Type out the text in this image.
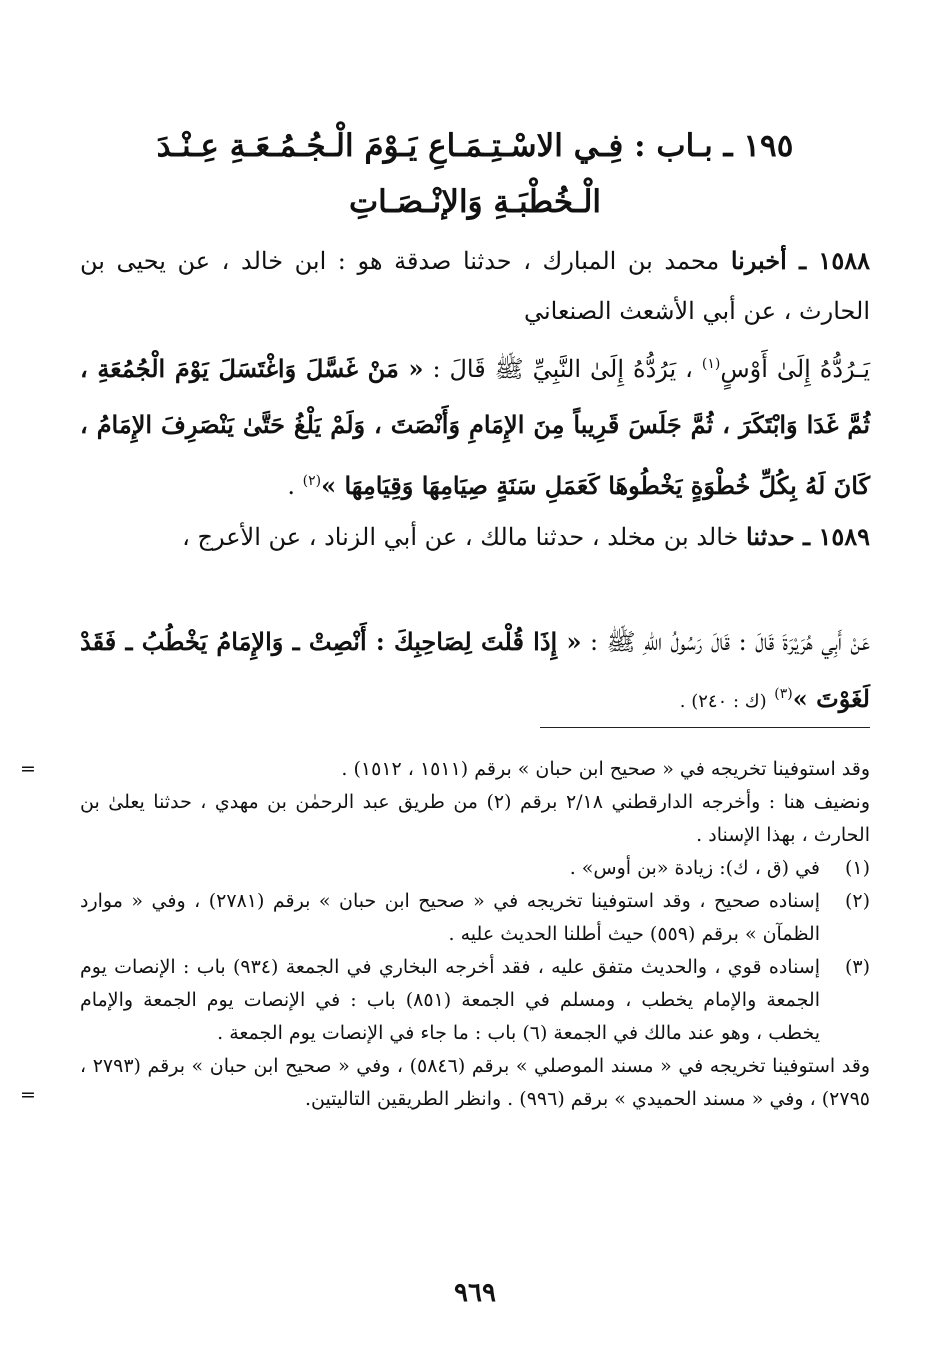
١٩٥ ـ بـاب : فِـي الاسْـتِـمَـاعِ يَـوْمَ الْـجُـمُـعَـةِ عِـنْـدَ
الْـخُطْبَـةِ وَالإنْـصَـاتِ

١٥٨٨ ـ أخبرنا محمد بن المبارك ، حدثنا صدقة هو : ابن خالد ، عن يحيى بن الحارث ، عن أبي الأشعث الصنعاني

يَـرُدُّهُ إِلَىٰ أَوْسٍ$^{(١)}$ ، يَرُدُّهُ إِلَىٰ النَّبِيِّ ﷺ قَالَ : « مَنْ غَسَّلَ وَاغْتَسَلَ يَوْمَ الْجُمُعَةِ ، ثُمَّ غَدَا وَابْتَكَرَ ، ثُمَّ جَلَسَ قَرِيباً مِنَ الإِمَامِ وَأَنْصَتَ ، وَلَمْ يَلْغُ حَتَّىٰ يَنْصَرِفَ الإِمَامُ ، كَانَ لَهُ بِكُلِّ خُطْوَةٍ يَخْطُوهَا كَعَمَلِ سَنَةٍ صِيَامِهَا وَقِيَامِهَا »$^{(٢)}$ .

١٥٨٩ ـ حدثنا خالد بن مخلد ، حدثنا مالك ، عن أبي الزناد ، عن الأعرج ،

عَنْ أَبِي هُرَيْرَةَ قَالَ : قَالَ رَسُولُ اللهِ ﷺ : « إِذَا قُلْتَ لِصَاحِبِكَ : أَنْصِتْ ـ وَالإِمَامُ يَخْطُبُ ـ فَقَدْ لَغَوْتَ »$^{(٣)}$ (ك : ٢٤٠) .

=	وقد استوفينا تخريجه في « صحيح ابن حبان » برقم (١٥١١ ، ١٥١٢) .

ونضيف هنا : وأخرجه الدارقطني ٢/١٨ برقم (٢) من طريق عبد الرحمٰن بن مهدي ، حدثنا يعلىٰ بن الحارث ، بهذا الإسناد .

(١)
في (ق ، ك): زيادة «بن أوس» .
(٢)
إسناده صحيح ، وقد استوفينا تخريجه في « صحيح ابن حبان » برقم (٢٧٨١) ، وفي « موارد الظمآن » برقم (٥٥٩) حيث أطلنا الحديث عليه .
(٣)
إسناده قوي ، والحديث متفق عليه ، فقد أخرجه البخاري في الجمعة (٩٣٤) باب : الإنصات يوم الجمعة والإمام يخطب ، ومسلم في الجمعة (٨٥١) باب : في الإنصات يوم الجمعة والإمام يخطب ، وهو عند مالك في الجمعة (٦) باب : ما جاء في الإنصات يوم الجمعة .

وقد استوفينا تخريجه في « مسند الموصلي » برقم (٥٨٤٦) ، وفي « صحيح ابن حبان » برقم (٢٧٩٣ ، ٢٧٩٥) ، وفي « مسند الحميدي » برقم (٩٩٦) . وانظر الطريقين التاليتين.

=
٩٦٩
